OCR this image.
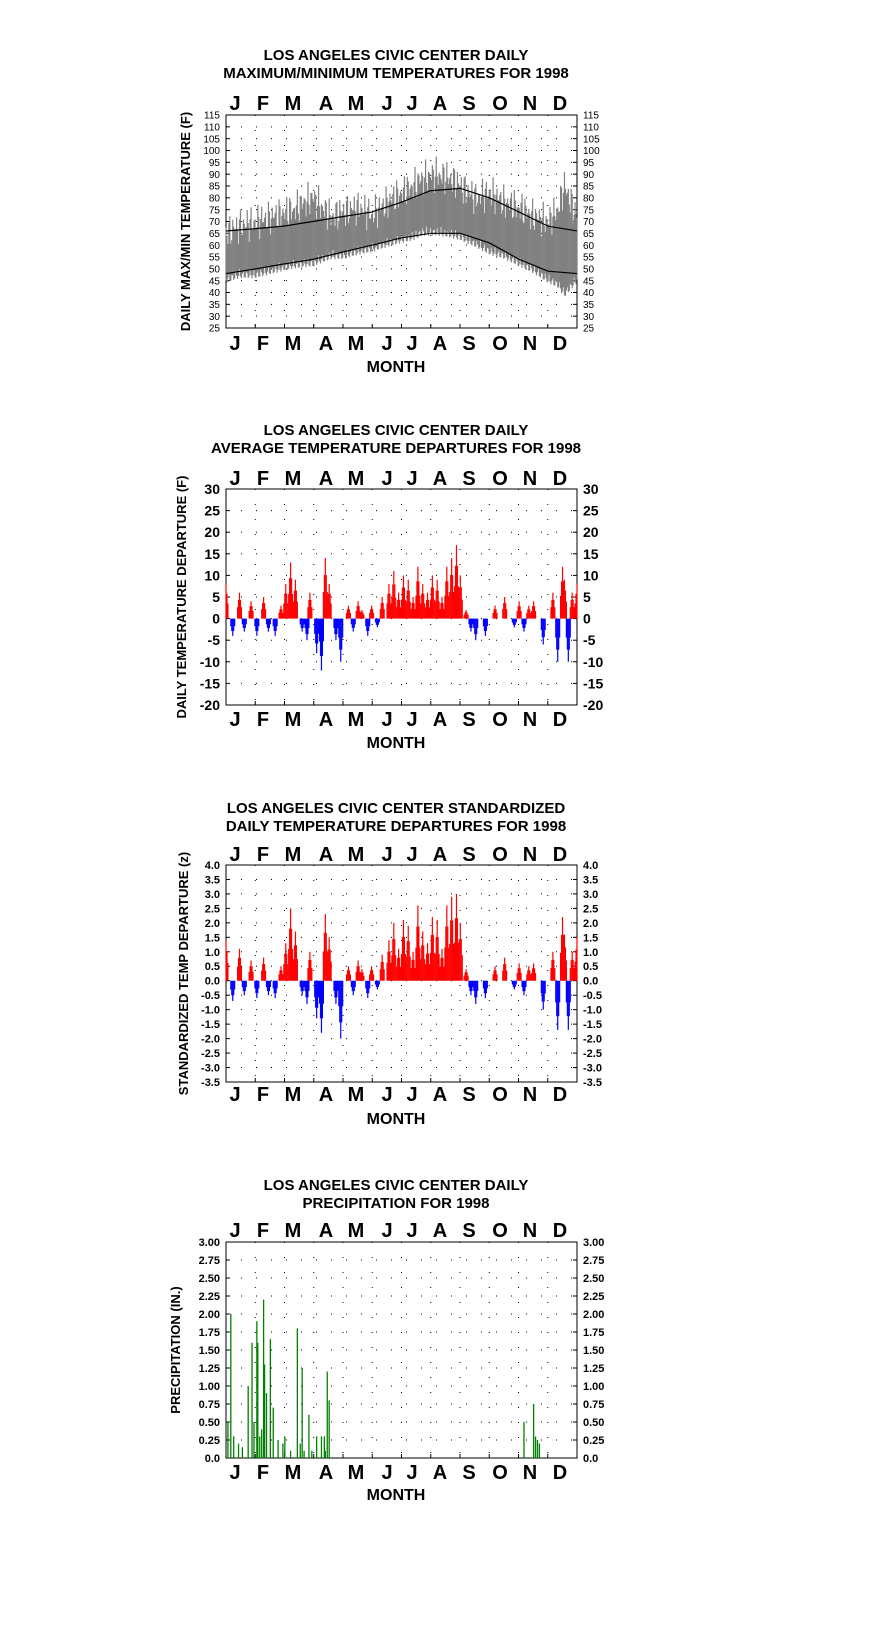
LOS ANGELES CIVIC CENTER DAILY
MAXIMUM/MINIMUM TEMPERATURES FOR 1998
J
J
F
F
M
M
A
A
M
M
J
J
J
J
A
A
S
S
O
O
N
N
D
D
25	25
30	30
35	35
40	40
45	45
50	50
55	55
60	60
65	65
70	70
75	75
80	80
85	85
90	90
95	95
100	100
105	105
110	110
115	115
DAILY MAX/MIN TEMPERATURE (F)
MONTH
LOS ANGELES CIVIC CENTER DAILY
AVERAGE TEMPERATURE DEPARTURES FOR 1998
J
J
F
F
M
M
A
A
M
M
J
J
J
J
A
A
S
S
O
O
N
N
D
D
-20	-20
-15	-15
-10	-10
-5	-5
0	0
5	5
10	10
15	15
20	20
25	25
30	30
DAILY TEMPERATURE DEPARTURE (F)
MONTH
LOS ANGELES CIVIC CENTER STANDARDIZED
DAILY TEMPERATURE DEPARTURES FOR 1998
J
J
F
F
M
M
A
A
M
M
J
J
J
J
A
A
S
S
O
O
N
N
D
D
-3.5	-3.5
-3.0	-3.0
-2.5	-2.5
-2.0	-2.0
-1.5	-1.5
-1.0	-1.0
-0.5	-0.5
0.0	0.0
0.5	0.5
1.0	1.0
1.5	1.5
2.0	2.0
2.5	2.5
3.0	3.0
3.5	3.5
4.0	4.0
STANDARDIZED TEMP DEPARTURE (z)
MONTH
LOS ANGELES CIVIC CENTER DAILY
PRECIPITATION FOR 1998
J
J
F
F
M
M
A
A
M
M
J
J
J
J
A
A
S
S
O
O
N
N
D
D
0.0	0.0
0.25	0.25
0.50	0.50
0.75	0.75
1.00	1.00
1.25	1.25
1.50	1.50
1.75	1.75
2.00	2.00
2.25	2.25
2.50	2.50
2.75	2.75
3.00	3.00
PRECIPITATION (IN.)
MONTH
